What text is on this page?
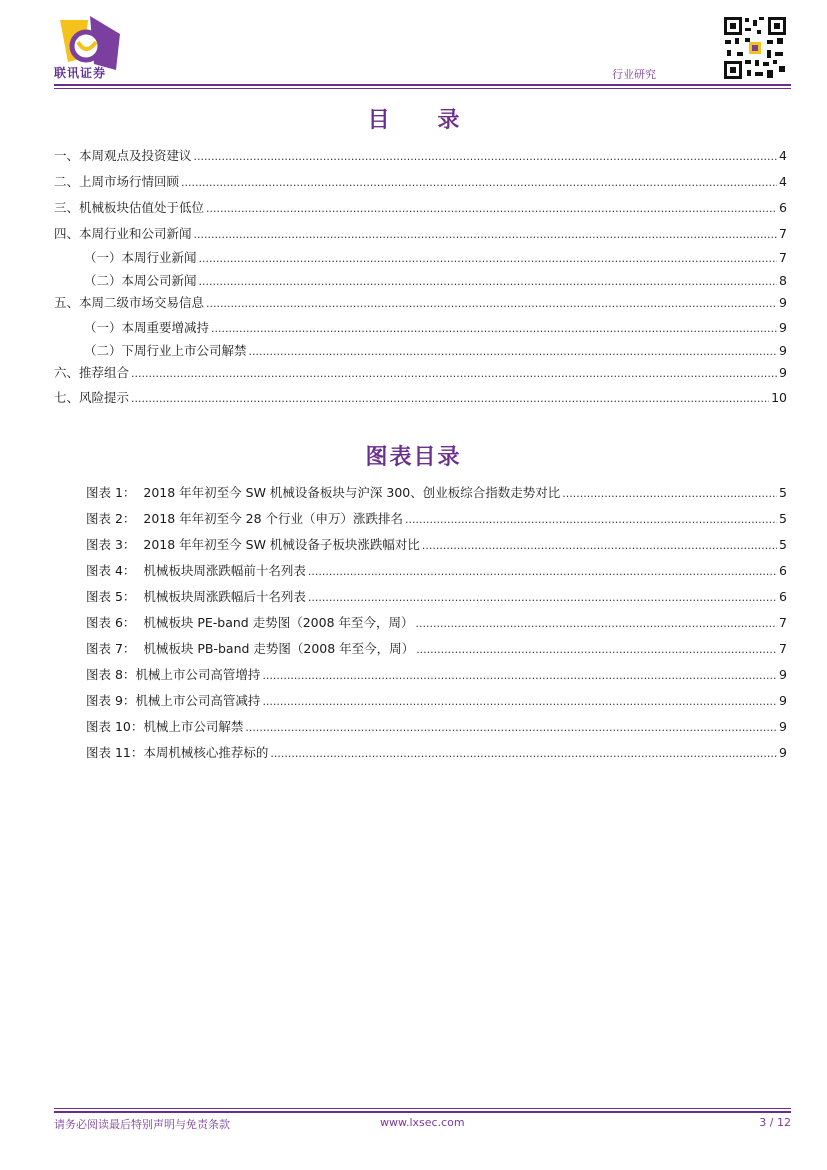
联讯证券	行业研究
目 录
一、本周观点及投资建议 .....	4
二、上周市场行情回顾 .....	4
三、机械板块估值处于低位 .....	6
四、本周行业和公司新闻 .....	7
（一）本周行业新闻 .....	7
（二）本周公司新闻 .....	8
五、本周二级市场交易信息 .....	9
（一）本周重要增减持 .....	9
（二）下周行业上市公司解禁 .....	9
六、推荐组合 .....	9
七、风险提示 .....	10
图表目录
图表 1：  2018 年年初至今 SW 机械设备板块与沪深 300、创业板综合指数走势对比 .....	5
图表 2：  2018 年年初至今 28 个行业（申万）涨跌排名 .....	5
图表 3：  2018 年年初至今 SW 机械设备子板块涨跌幅对比 .....	5
图表 4：  机械板块周涨跌幅前十名列表 .....	6
图表 5：  机械板块周涨跌幅后十名列表 .....	6
图表 6：  机械板块 PE-band 走势图（2008 年至今，周） .....	7
图表 7：  机械板块 PB-band 走势图（2008 年至今，周） .....	7
图表 8：机械上市公司高管增持 .....	9
图表 9：机械上市公司高管减持 .....	9
图表 10：机械上市公司解禁 .....	9
图表 11：本周机械核心推荐标的 .....	9
请务必阅读最后特别声明与免责条款	www.lxsec.com	3 / 12
